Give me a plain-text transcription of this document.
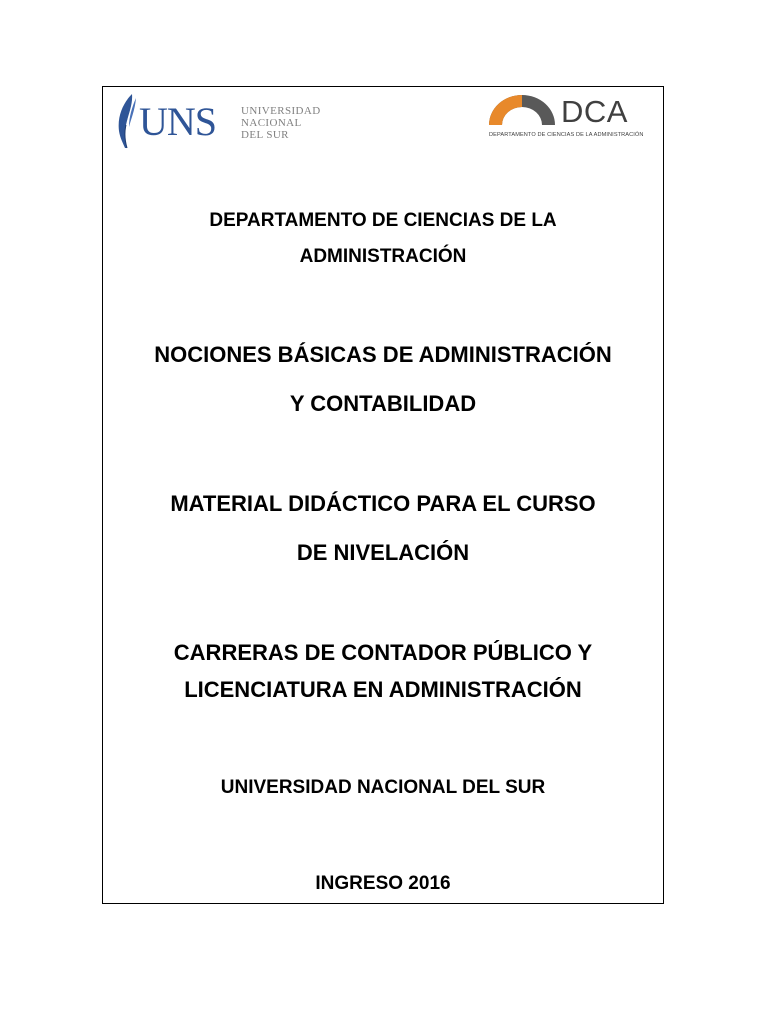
UNS UNIVERSIDAD
NACIONAL
DEL SUR
DCA
DEPARTAMENTO DE CIENCIAS DE LA ADMINISTRACIÓN
DEPARTAMENTO DE CIENCIAS DE LA
ADMINISTRACIÓN
NOCIONES BÁSICAS DE ADMINISTRACIÓN
Y CONTABILIDAD
MATERIAL DIDÁCTICO PARA EL CURSO
DE NIVELACIÓN
CARRERAS DE CONTADOR PÚBLICO Y
LICENCIATURA EN ADMINISTRACIÓN
UNIVERSIDAD NACIONAL DEL SUR
INGRESO 2016
